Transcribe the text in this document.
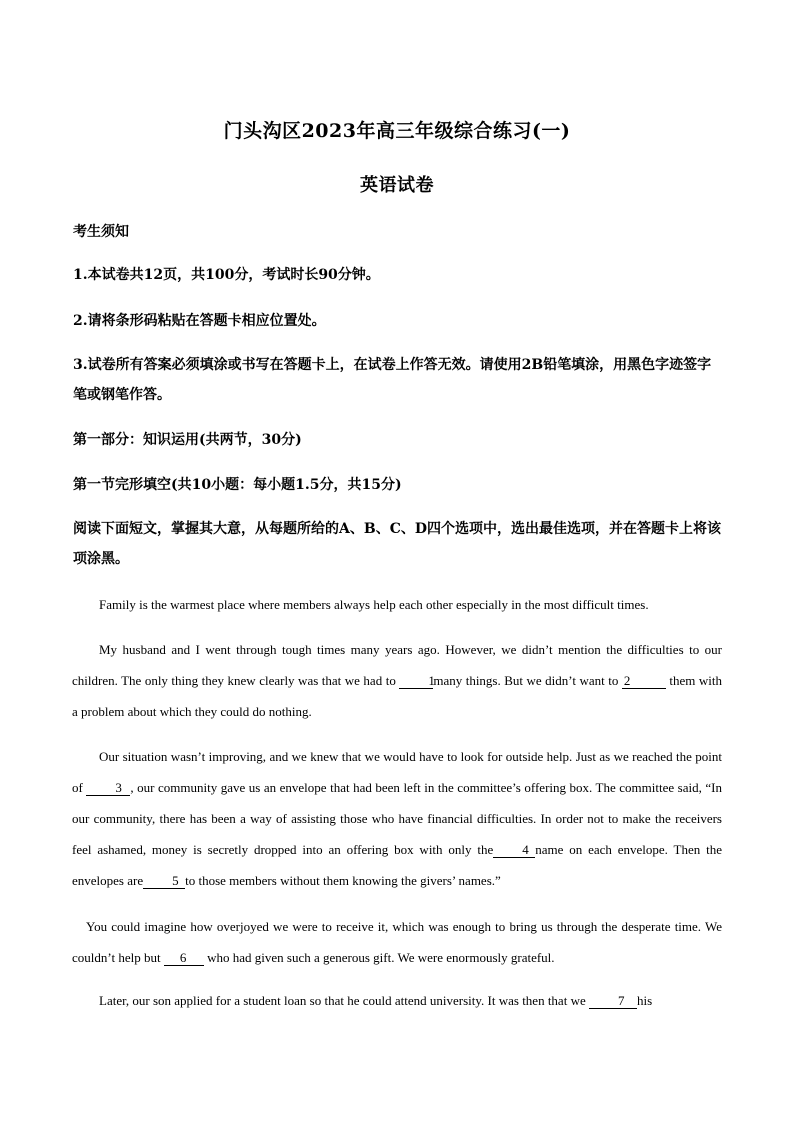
门头沟区2023年高三年级综合练习(一)
英语试卷
考生须知
1.本试卷共12页，共100分，考试时长90分钟。
2.请将条形码粘贴在答题卡相应位置处。
3.试卷所有答案必须填涂或书写在答题卡上，在试卷上作答无效。请使用2B铅笔填涂，用黑色字迹签字笔或钢笔作答。
第一部分：知识运用(共两节，30分)
第一节完形填空(共10小题：每小题1.5分，共15分)
阅读下面短文，掌握其大意，从每题所给的A、B、C、D四个选项中，选出最佳选项，并在答题卡上将该项涂黑。
Family is the warmest place where members always help each other especially in the most difficult times.
My husband and I went through tough times many years ago. However, we didn’t mention the difficulties to our children. The only thing they knew clearly was that we had to 1many things. But we didn’t want to 2	them with a problem about which they could do nothing.
Our situation wasn’t improving, and we knew that we would have to look for outside help. Just as we reached the point of 3 , our community gave us an envelope that had been left in the committee’s offering box. The committee said, “In our community, there has been a way of assisting those who have financial difficulties. In order not to make the receivers feel ashamed, money is secretly dropped into an offering box with only the 4 name on each envelope. Then the envelopes are 5 to those members without them knowing the givers’ names.”
You could imagine how overjoyed we were to receive it, which was enough to bring us through the desperate time. We couldn’t help but 6 who had given such a generous gift. We were enormously grateful.
Later, our son applied for a student loan so that he could attend university. It was then that we 7 his
